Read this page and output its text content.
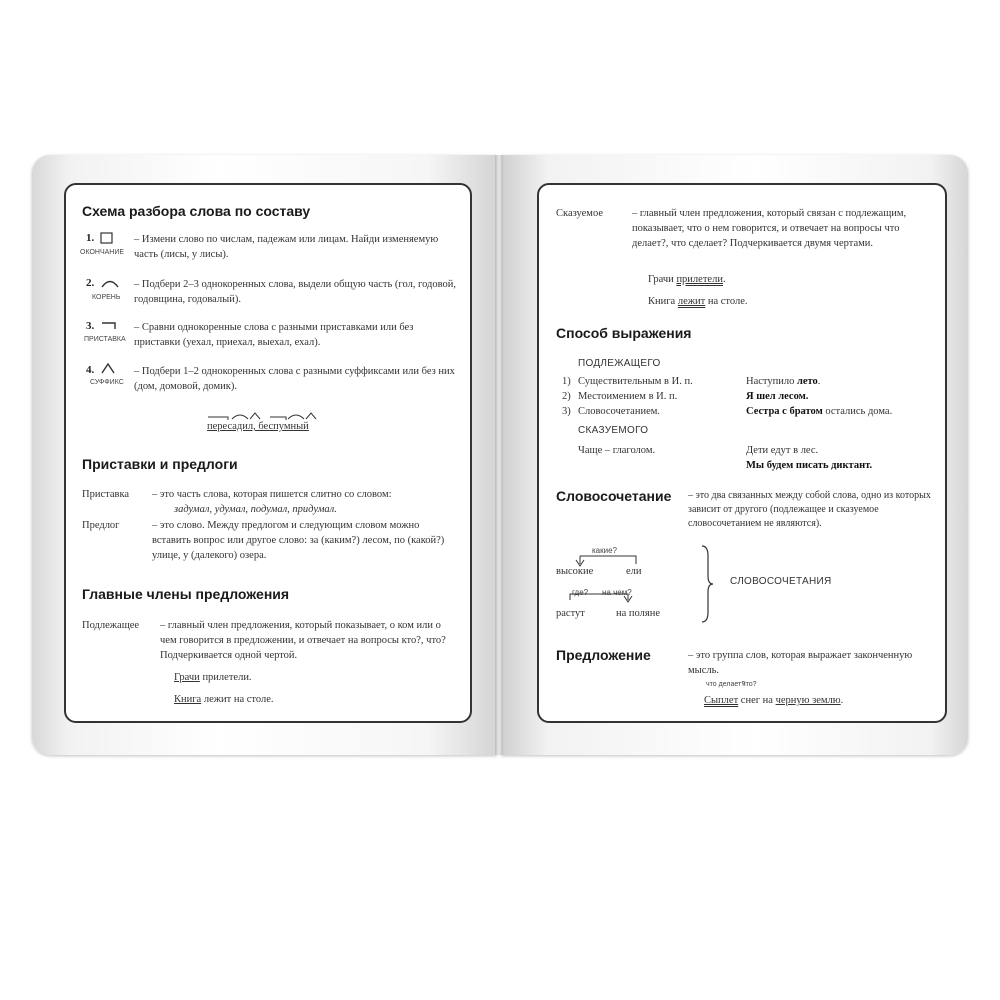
Схема разбора слова по составу
1.
ОКОНЧАНИЕ
– Измени слово по числам, падежам или лицам. Найди изменяемую часть (лисы, у лисы).
2.
КОРЕНЬ
– Подбери 2–3 однокоренных слова, выдели общую часть (гол, годовой, годовщина, годовалый).
3.
ПРИСТАВКА
– Сравни однокоренные слова с разными приставками или без приставки (уехал, приехал, выехал, ехал).
4.
СУФФИКС
– Подбери 1–2 однокоренных слова с разными суффиксами или без них (дом, домовой, домик).
пересадил, беспумный
Приставки и предлоги
Приставка – это часть слова, которая пишется слитно со словом:
задумал, удумал, подумал, придумал.
Предлог	– это слово. Между предлогом и следующим словом можно вставить вопрос или другое слово: за (каким?) лесом, по (какой?) улице, у (далекого) озера.
Главные члены предложения
Подлежащее – главный член предложения, который показывает, о ком или о чем говорится в предложении, и отвечает на вопросы кто?, что? Подчеркивается одной чертой.
Грачи прилетели.
Книга лежит на столе.
Сказуемое	– главный член предложения, который связан с подлежащим, показывает, что о нем говорится, и отвечает на вопросы что делает?, что сделает? Подчеркивается двумя чертами.
Грачи прилетели.
Книга лежит на столе.
Способ выражения
ПОДЛЕЖАЩЕГО
1) Существительным в И. п.	Наступило лето.
2) Местоимением в И. п.	Я шел лесом.
3) Словосочетанием.	Сестра с братом остались дома.
СКАЗУЕМОГО
Чаще – глаголом.	Дети едут в лес.
Мы будем писать диктант.
Словосочетание – это два связанных между собой слова, одно из которых зависит от другого (подлежащее и сказуемое словосочетанием не являются).
какие?
высокие	ели
где? на чем?
растут	на поляне
СЛОВОСОЧЕТАНИЯ
Предложение	– это группа слов, которая выражает законченную мысль.
что делает?
что?
Сыплет снег на черную землю.
